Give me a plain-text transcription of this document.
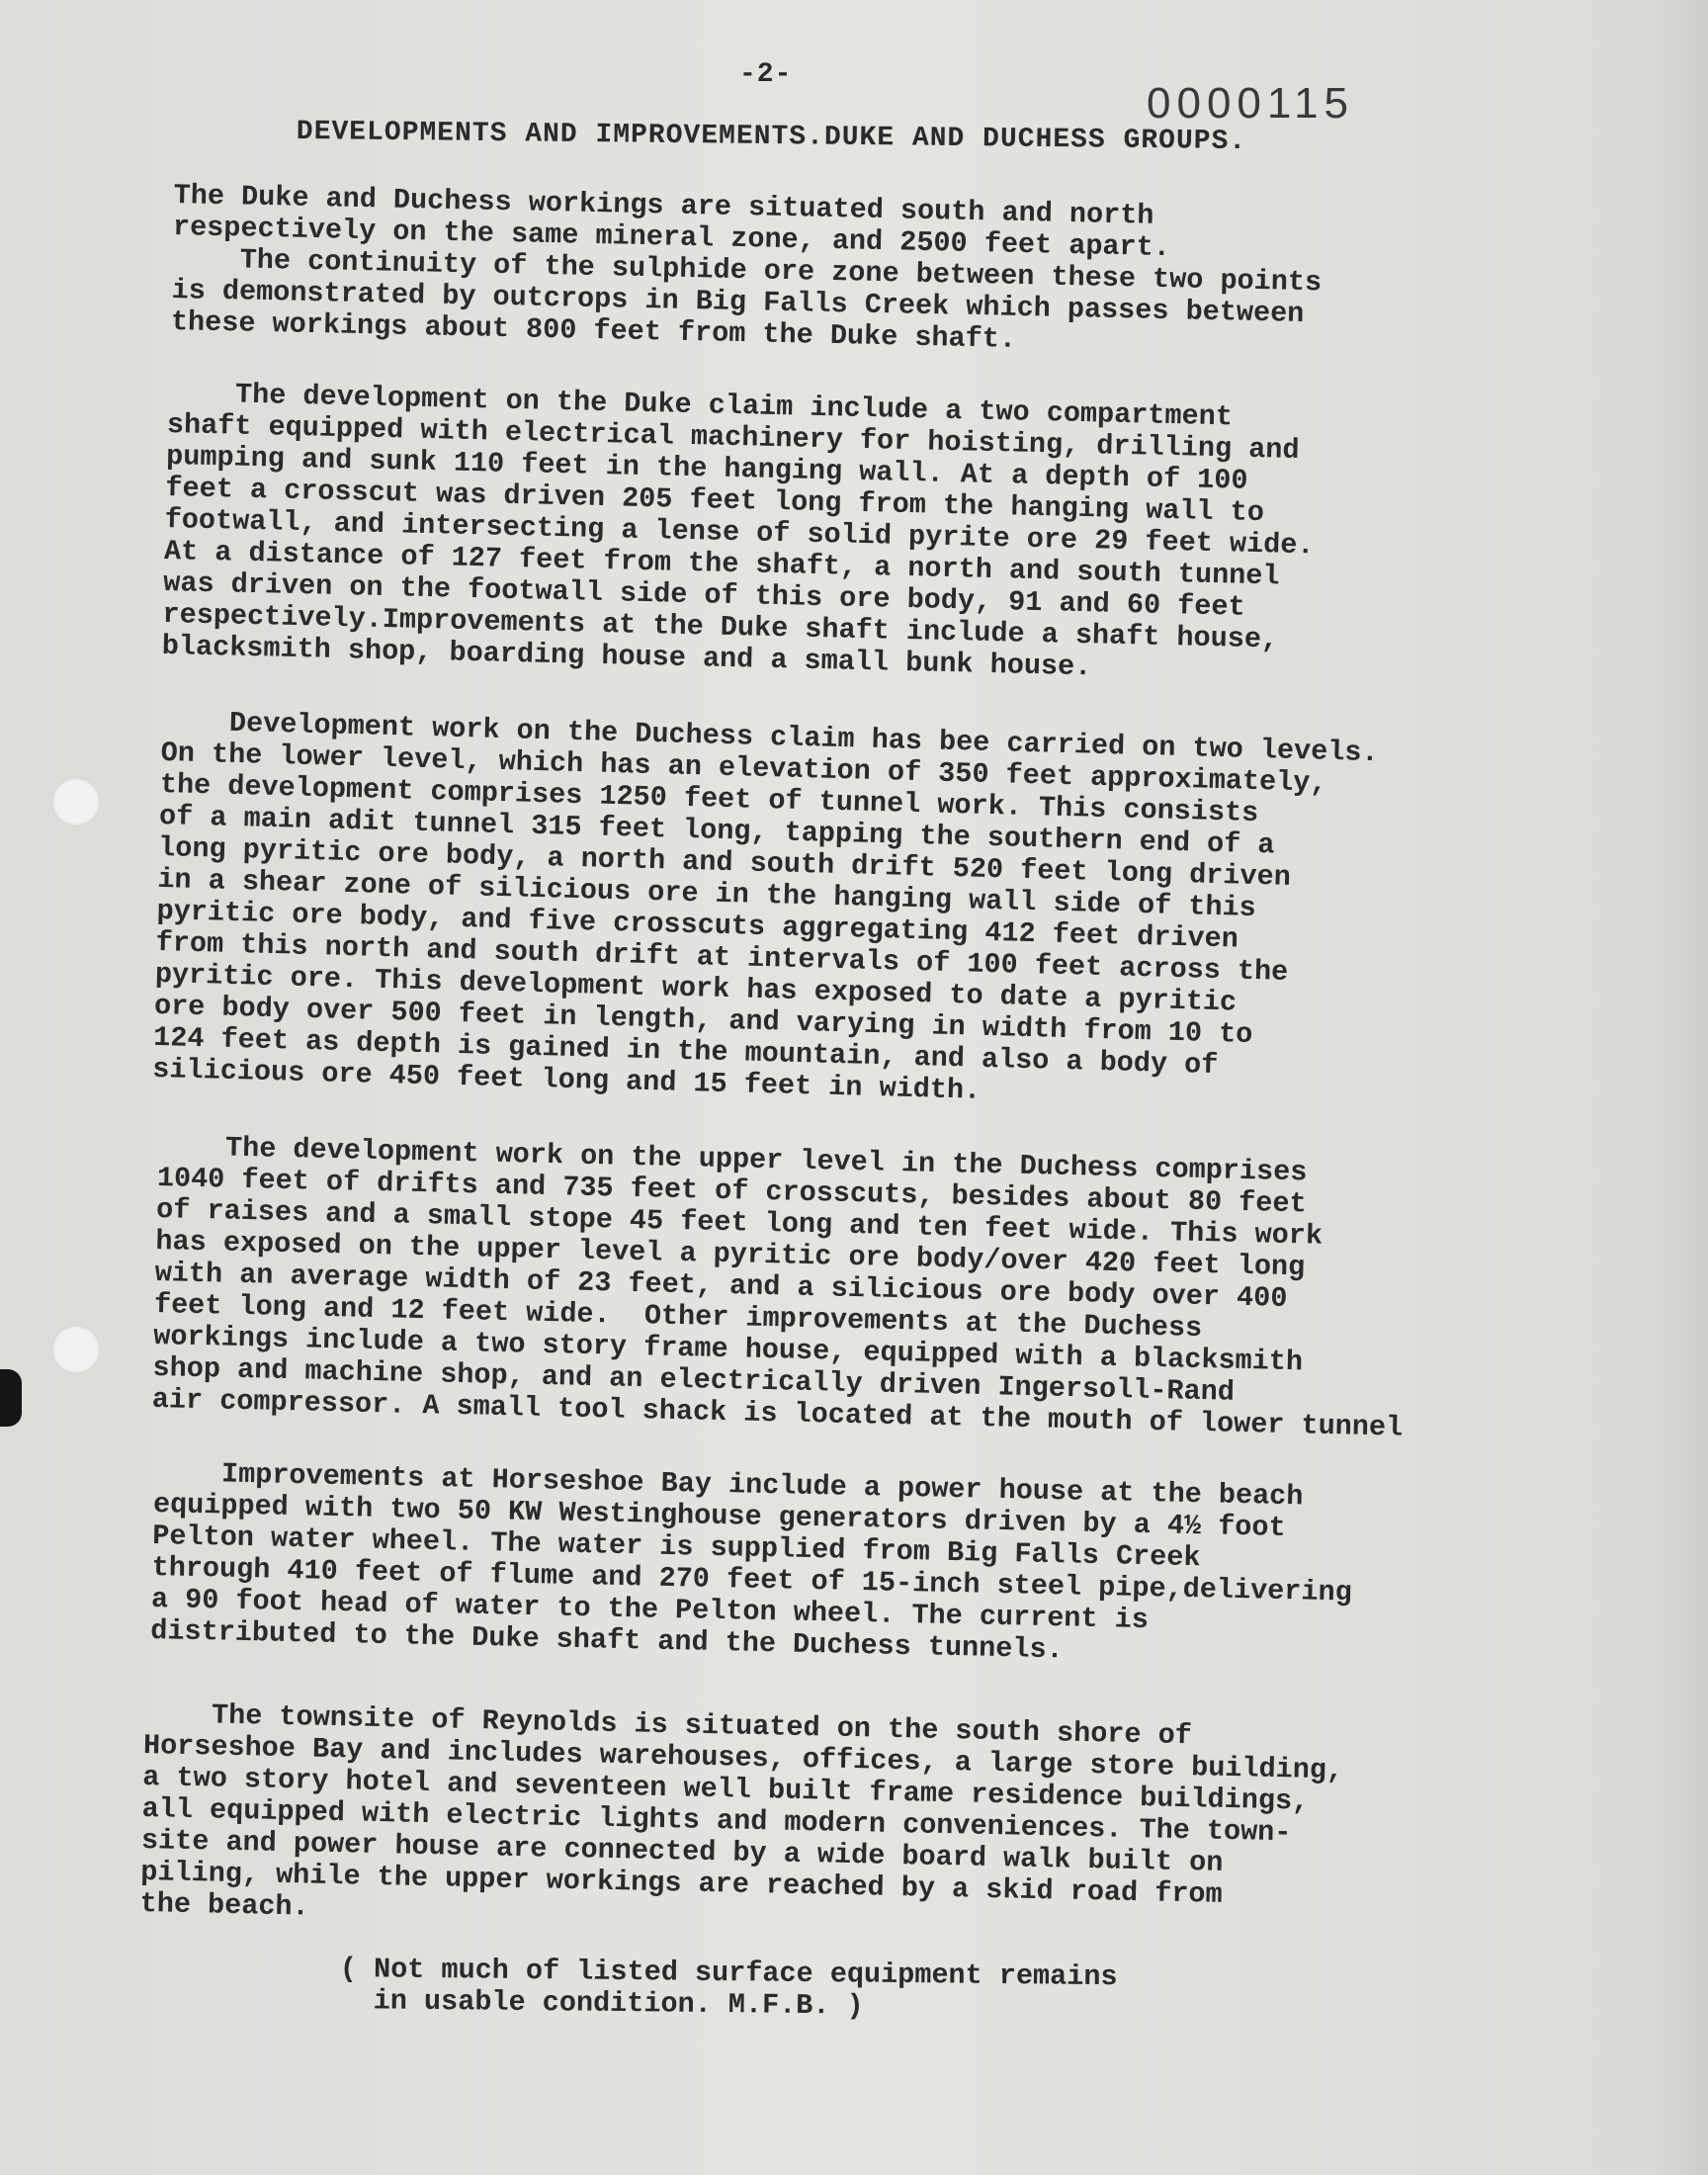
-2-
0000115
DEVELOPMENTS AND IMPROVEMENTS.DUKE AND DUCHESS GROUPS.

The Duke and Duchess workings are situated south and north
respectively on the same mineral zone, and 2500 feet apart.
The continuity of the sulphide ore zone between these two points
is demonstrated by outcrops in Big Falls Creek which passes between
these workings about 800 feet from the Duke shaft.

The development on the Duke claim include a two compartment
shaft equipped with electrical machinery for hoisting, drilling and
pumping and sunk 110 feet in the hanging wall. At a depth of 100
feet a crosscut was driven 205 feet long from the hanging wall to
footwall, and intersecting a lense of solid pyrite ore 29 feet wide.
At a distance of 127 feet from the shaft, a north and south tunnel
was driven on the footwall side of this ore body, 91 and 60 feet
respectively.Improvements at the Duke shaft include a shaft house,
blacksmith shop, boarding house and a small bunk house.

Development work on the Duchess claim has bee carried on two levels.
On the lower level, which has an elevation of 350 feet approximately,
the development comprises 1250 feet of tunnel work. This consists
of a main adit tunnel 315 feet long, tapping the southern end of a
long pyritic ore body, a north and south drift 520 feet long driven
in a shear zone of silicious ore in the hanging wall side of this
pyritic ore body, and five crosscuts aggregating 412 feet driven
from this north and south drift at intervals of 100 feet across the
pyritic ore. This development work has exposed to date a pyritic
ore body over 500 feet in length, and varying in width from 10 to
124 feet as depth is gained in the mountain, and also a body of
silicious ore 450 feet long and 15 feet in width.

The development work on the upper level in the Duchess comprises
1040 feet of drifts and 735 feet of crosscuts, besides about 80 feet
of raises and a small stope 45 feet long and ten feet wide. This work
has exposed on the upper level a pyritic ore body/over 420 feet long
with an average width of 23 feet, and a silicious ore body over 400
feet long and 12 feet wide.  Other improvements at the Duchess
workings include a two story frame house, equipped with a blacksmith
shop and machine shop, and an electrically driven Ingersoll-Rand
air compressor. A small tool shack is located at the mouth of lower tunnel

Improvements at Horseshoe Bay include a power house at the beach
equipped with two 50 KW Westinghouse generators driven by a 4½ foot
Pelton water wheel. The water is supplied from Big Falls Creek
through 410 feet of flume and 270 feet of 15-inch steel pipe,delivering
a 90 foot head of water to the Pelton wheel. The current is
distributed to the Duke shaft and the Duchess tunnels.

The townsite of Reynolds is situated on the south shore of
Horseshoe Bay and includes warehouses, offices, a large store building,
a two story hotel and seventeen well built frame residence buildings,
all equipped with electric lights and modern conveniences. The town-
site and power house are connected by a wide board walk built on
piling, while the upper workings are reached by a skid road from
the beach.

( Not much of listed surface equipment remains
in usable condition. M.F.B. )
